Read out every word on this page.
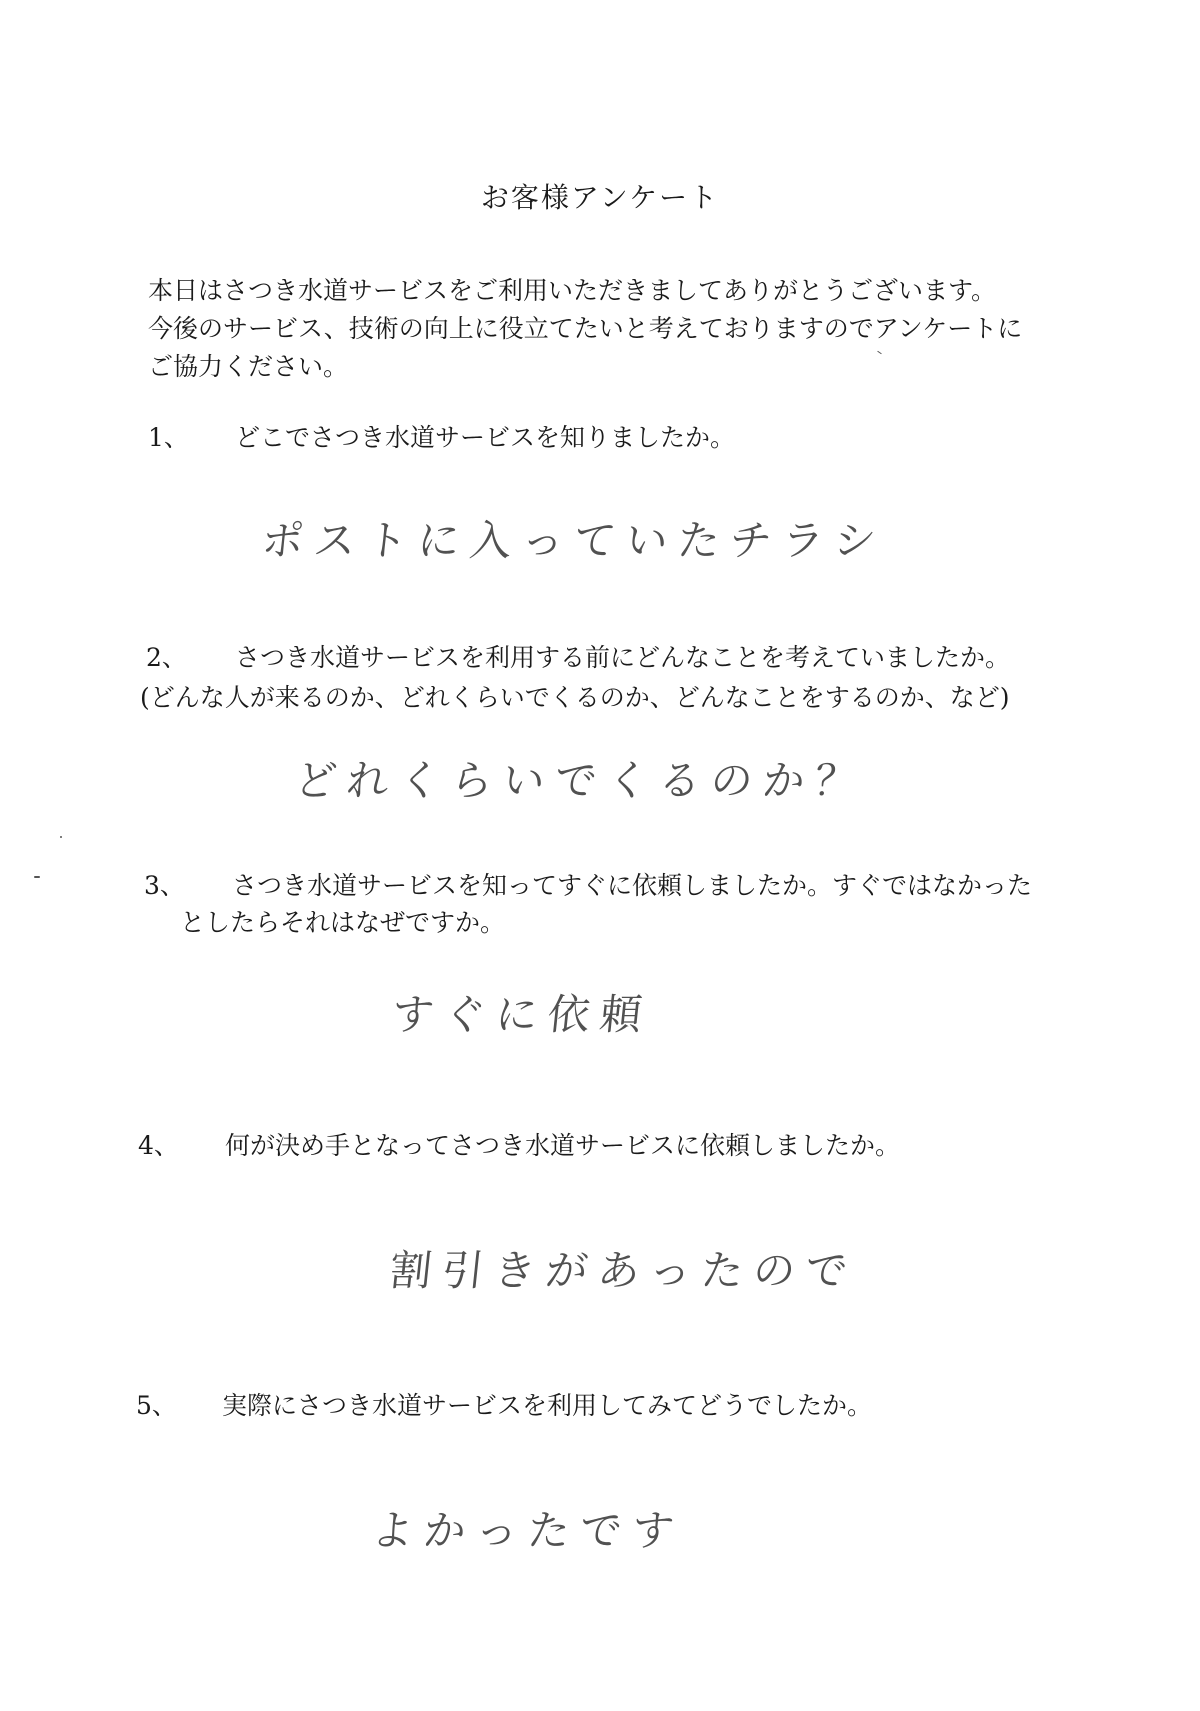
お客様アンケート
本日はさつき水道サービスをご利用いただきましてありがとうございます。
今後のサービス、技術の向上に役立てたいと考えておりますのでアンケートに
ご協力ください。
1、 どこでさつき水道サービスを知りましたか。
ポストに入っていたチラシ
2、 さつき水道サービスを利用する前にどんなことを考えていましたか。
(どんな人が来るのか、どれくらいでくるのか、どんなことをするのか、など)
どれくらいでくるのか？
3、 さつき水道サービスを知ってすぐに依頼しましたか。すぐではなかった
としたらそれはなぜですか。
すぐに依頼
4、 何が決め手となってさつき水道サービスに依頼しましたか。
割引きがあったので
5、 実際にさつき水道サービスを利用してみてどうでしたか。
よかったです
